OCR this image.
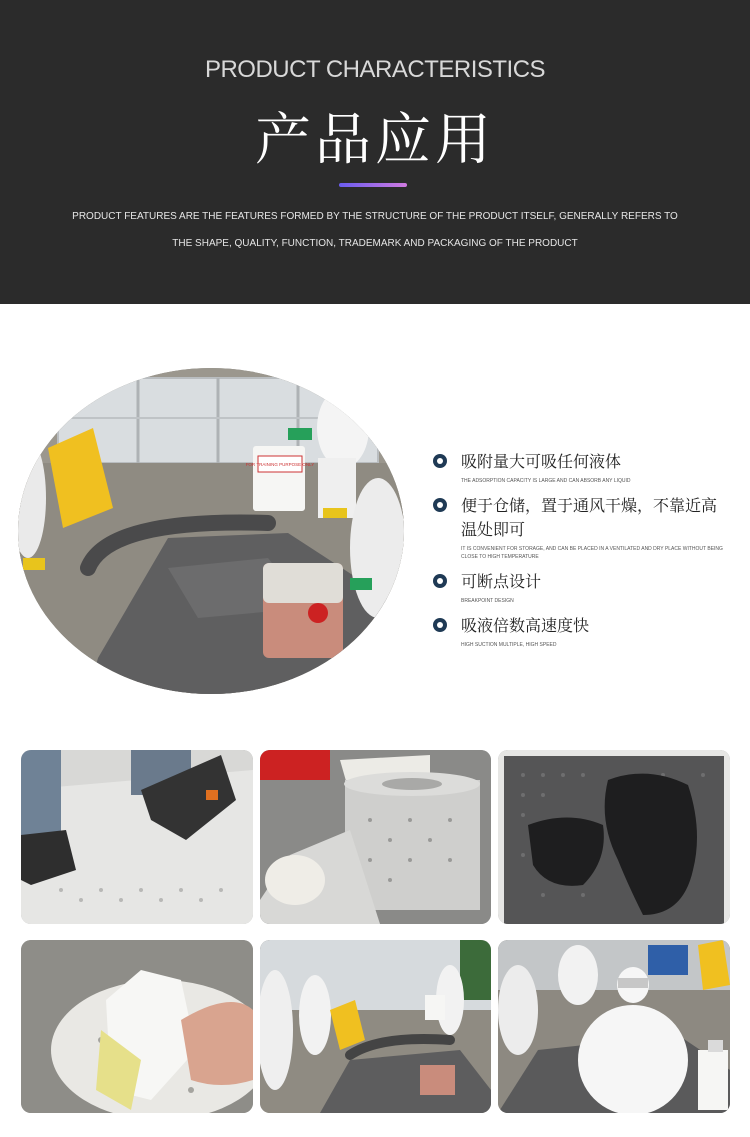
PRODUCT CHARACTERISTICS
产品应用
PRODUCT FEATURES ARE THE FEATURES FORMED BY THE STRUCTURE OF THE PRODUCT ITSELF, GENERALLY REFERS TO
THE SHAPE, QUALITY, FUNCTION, TRADEMARK AND PACKAGING OF THE PRODUCT
FOR TRAINING PURPOSE ONLY	吸附量大可吸任何液体
THE ADSORPTION CAPACITY IS LARGE AND CAN ABSORB ANY LIQUID
便于仓储，置于通风干燥，不靠近高温处即可
IT IS CONVENIENT FOR STORAGE, AND CAN BE PLACED IN A VENTILATED AND DRY PLACE WITHOUT BEING CLOSE TO HIGH TEMPERATURE
可断点设计
BREAKPOINT DESIGN
吸液倍数高速度快
HIGH SUCTION MULTIPLE, HIGH SPEED
